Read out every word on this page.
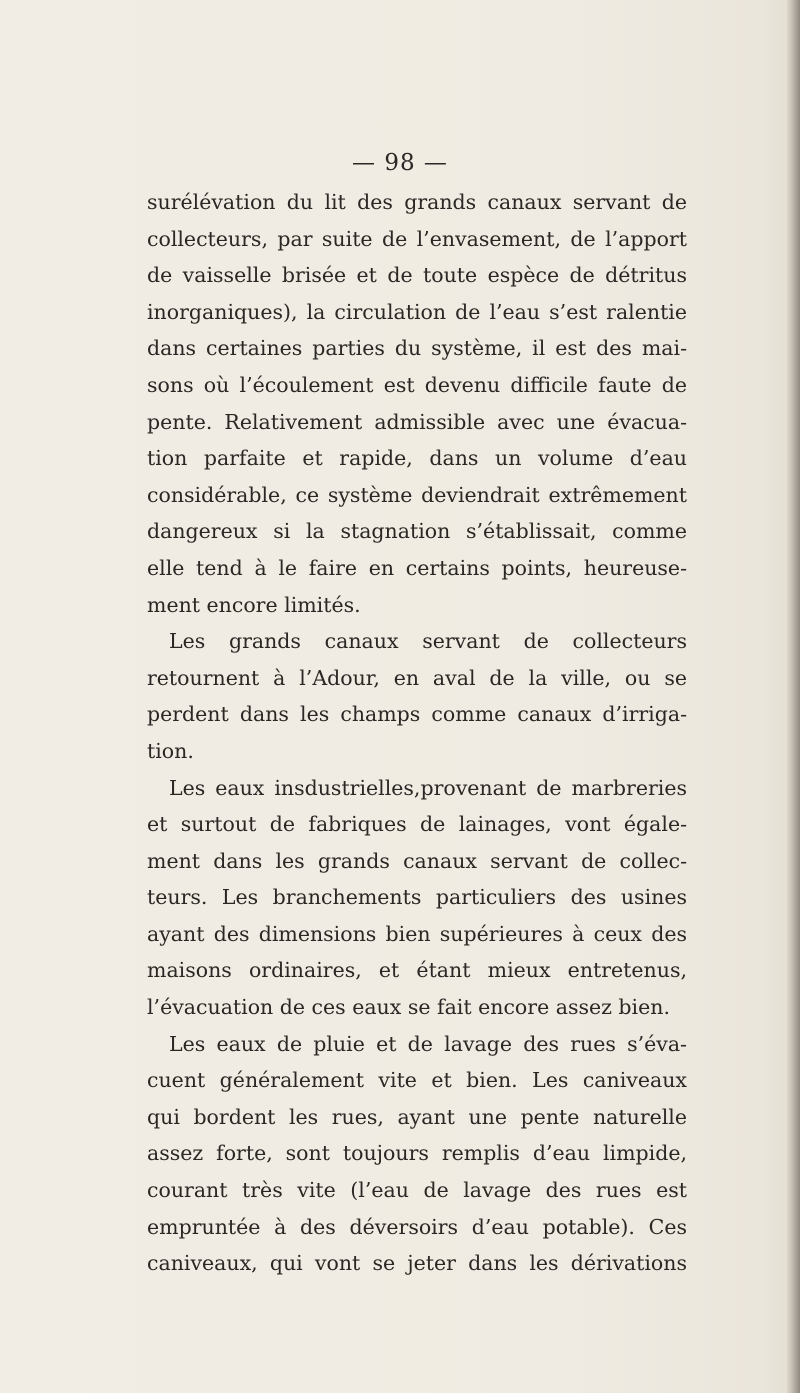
— 98 —
surélévation du lit des grands canaux servant de
collecteurs, par suite de l’envasement, de l’apport
de vaisselle brisée et de toute espèce de détritus
inorganiques), la circulation de l’eau s’est ralentie
dans certaines parties du système, il est des mai-
sons où l’écoulement est devenu difficile faute de
pente. Relativement admissible avec une évacua-
tion parfaite et rapide, dans un volume d’eau
considérable, ce système deviendrait extrêmement
dangereux si la stagnation s’établissait, comme
elle tend à le faire en certains points, heureuse-
ment encore limités.
Les grands canaux servant de collecteurs
retournent à l’Adour, en aval de la ville, ou se
perdent dans les champs comme canaux d’irriga-
tion.
Les eaux insdustrielles,provenant de marbreries
et surtout de fabriques de lainages, vont égale-
ment dans les grands canaux servant de collec-
teurs. Les branchements particuliers des usines
ayant des dimensions bien supérieures à ceux des
maisons ordinaires, et étant mieux entretenus,
l’évacuation de ces eaux se fait encore assez bien.
Les eaux de pluie et de lavage des rues s’éva-
cuent généralement vite et bien. Les caniveaux
qui bordent les rues, ayant une pente naturelle
assez forte, sont toujours remplis d’eau limpide,
courant très vite (l’eau de lavage des rues est
empruntée à des déversoirs d’eau potable). Ces
caniveaux, qui vont se jeter dans les dérivations
